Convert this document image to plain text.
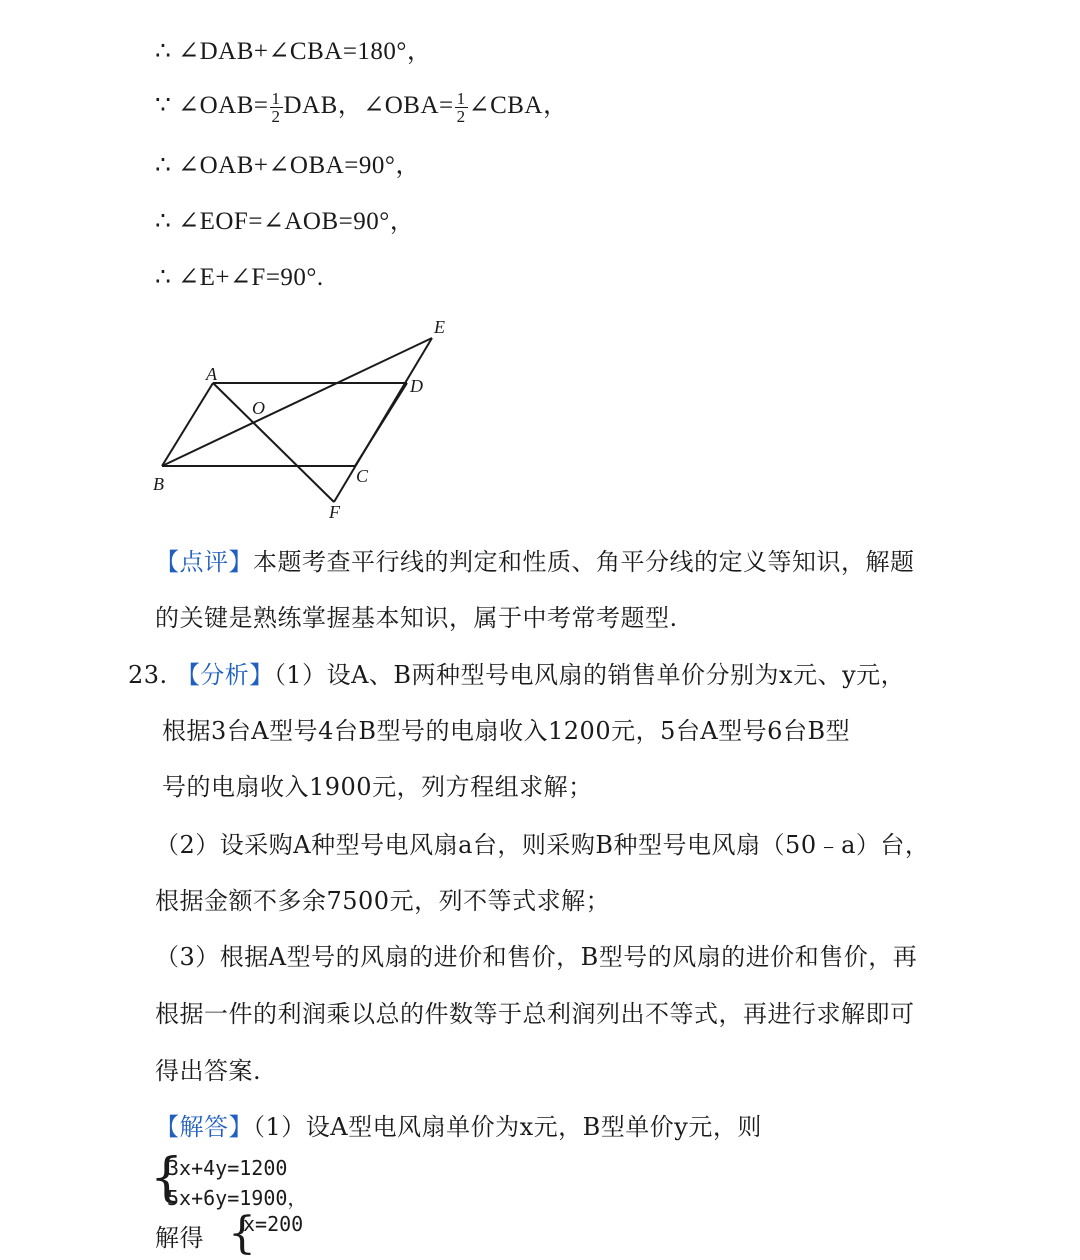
∴ ∠DAB+∠CBA=180°，
∵ ∠OAB= $\frac{1}{2}$ DAB，∠OBA= $\frac{1}{2}$ ∠CBA，
∴ ∠OAB+∠OBA=90°，
∴ ∠EOF=∠AOB=90°，
∴ ∠E+∠F=90°.
A
B	C
D
E
F
O
【点评】本题考查平行线的判定和性质、角平分线的定义等知识，解题
的关键是熟练掌握基本知识，属于中考常考题型.
23. 【分析】（1）设A、B两种型号电风扇的销售单价分别为x元、y元，
根据3台A型号4台B型号的电扇收入1200元，5台A型号6台B型
号的电扇收入1900元，列方程组求解；
（2）设采购A种型号电风扇a台，则采购B种型号电风扇（50﹣a）台，
根据金额不多余7500元，列不等式求解；
（3）根据A型号的风扇的进价和售价，B型号的风扇的进价和售价，再
根据一件的利润乘以总的件数等于总利润列出不等式，再进行求解即可
得出答案.
【解答】（1）设A型电风扇单价为x元，B型单价y元，则
{
3x+4y=1200
5x+6y=1900，
解得 {
x=200
